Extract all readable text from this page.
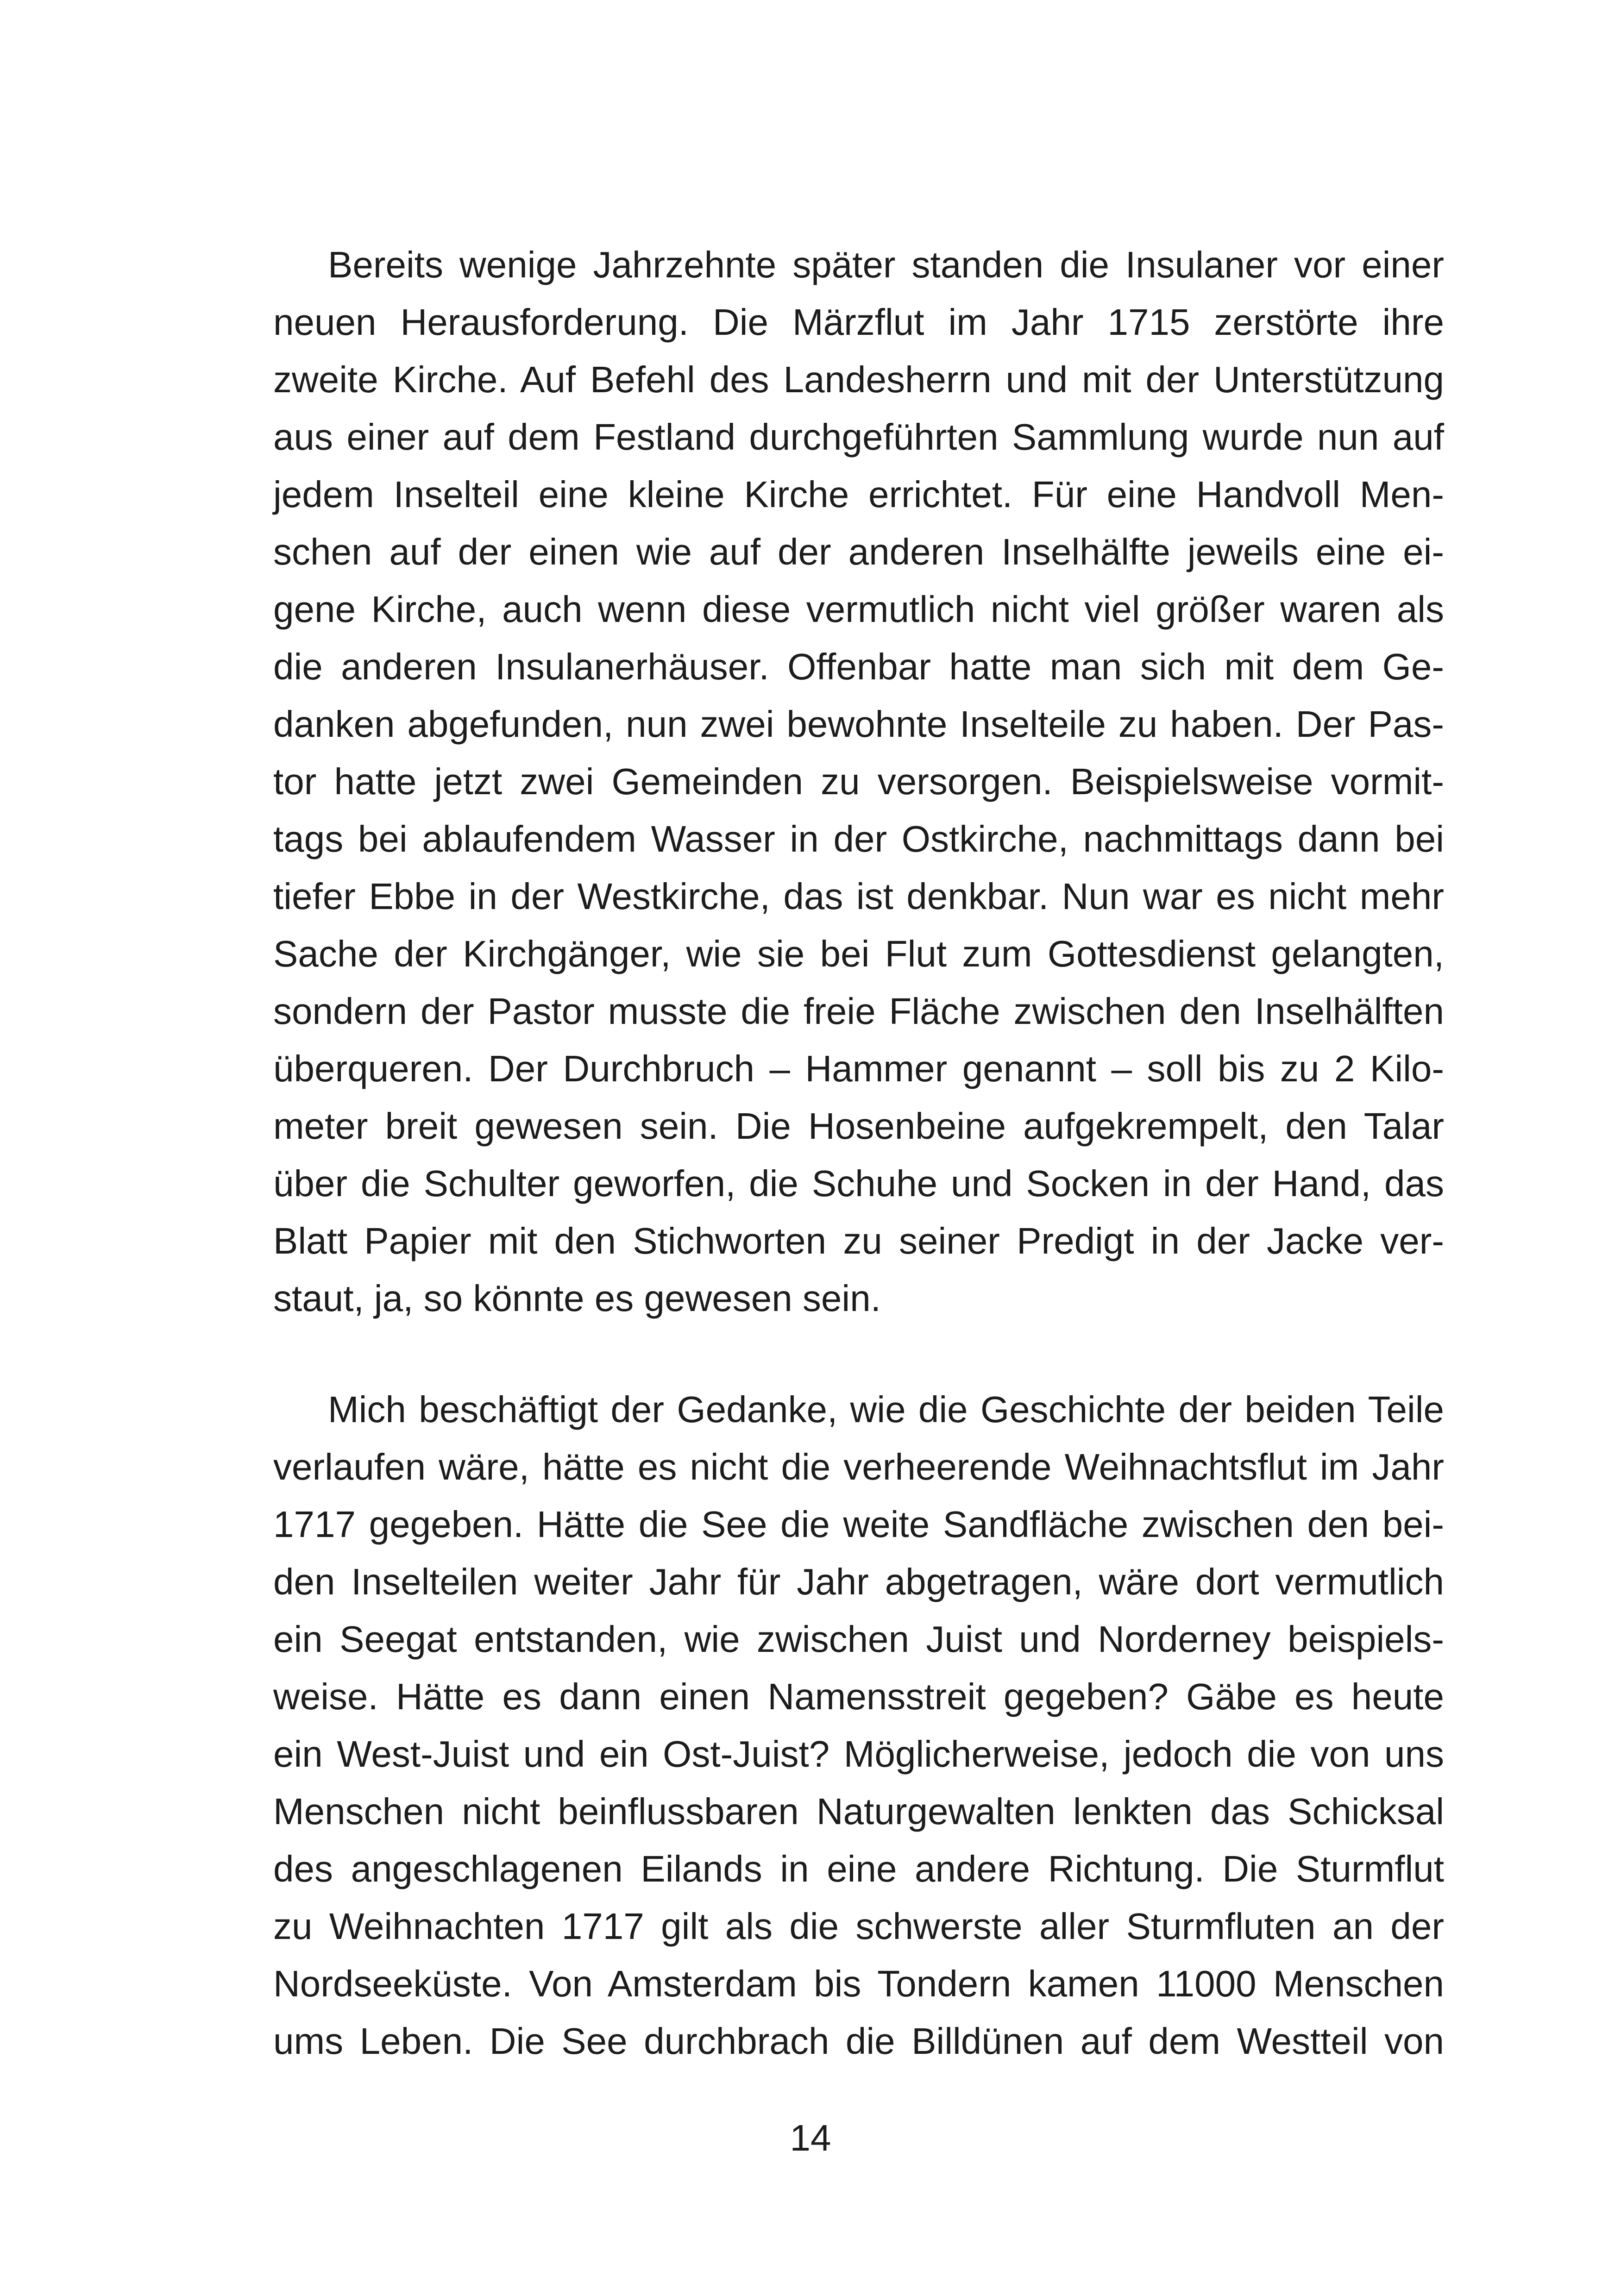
Bereits wenige Jahrzehnte später standen die Insulaner vor einer
neuen Herausforderung. Die Märzflut im Jahr 1715 zerstörte ihre
zweite Kirche. Auf Befehl des Landesherrn und mit der Unterstützung
aus einer auf dem Festland durchgeführten Sammlung wurde nun auf
jedem Inselteil eine kleine Kirche errichtet. Für eine Handvoll Men-
schen auf der einen wie auf der anderen Inselhälfte jeweils eine ei-
gene Kirche, auch wenn diese vermutlich nicht viel größer waren als
die anderen Insulanerhäuser. Offenbar hatte man sich mit dem Ge-
danken abgefunden, nun zwei bewohnte Inselteile zu haben. Der Pas-
tor hatte jetzt zwei Gemeinden zu versorgen. Beispielsweise vormit-
tags bei ablaufendem Wasser in der Ostkirche, nachmittags dann bei
tiefer Ebbe in der Westkirche, das ist denkbar. Nun war es nicht mehr
Sache der Kirchgänger, wie sie bei Flut zum Gottesdienst gelangten,
sondern der Pastor musste die freie Fläche zwischen den Inselhälften
überqueren. Der Durchbruch – Hammer genannt – soll bis zu 2 Kilo-
meter breit gewesen sein. Die Hosenbeine aufgekrempelt, den Talar
über die Schulter geworfen, die Schuhe und Socken in der Hand, das
Blatt Papier mit den Stichworten zu seiner Predigt in der Jacke ver-
staut, ja, so könnte es gewesen sein.
Mich beschäftigt der Gedanke, wie die Geschichte der beiden Teile
verlaufen wäre, hätte es nicht die verheerende Weihnachtsflut im Jahr
1717 gegeben. Hätte die See die weite Sandfläche zwischen den bei-
den Inselteilen weiter Jahr für Jahr abgetragen, wäre dort vermutlich
ein Seegat entstanden, wie zwischen Juist und Norderney beispiels-
weise. Hätte es dann einen Namensstreit gegeben? Gäbe es heute
ein West-Juist und ein Ost-Juist? Möglicherweise, jedoch die von uns
Menschen nicht beinflussbaren Naturgewalten lenkten das Schicksal
des angeschlagenen Eilands in eine andere Richtung. Die Sturmflut
zu Weihnachten 1717 gilt als die schwerste aller Sturmfluten an der
Nordseeküste. Von Amsterdam bis Tondern kamen 11000 Menschen
ums Leben. Die See durchbrach die Billdünen auf dem Westteil von
14
